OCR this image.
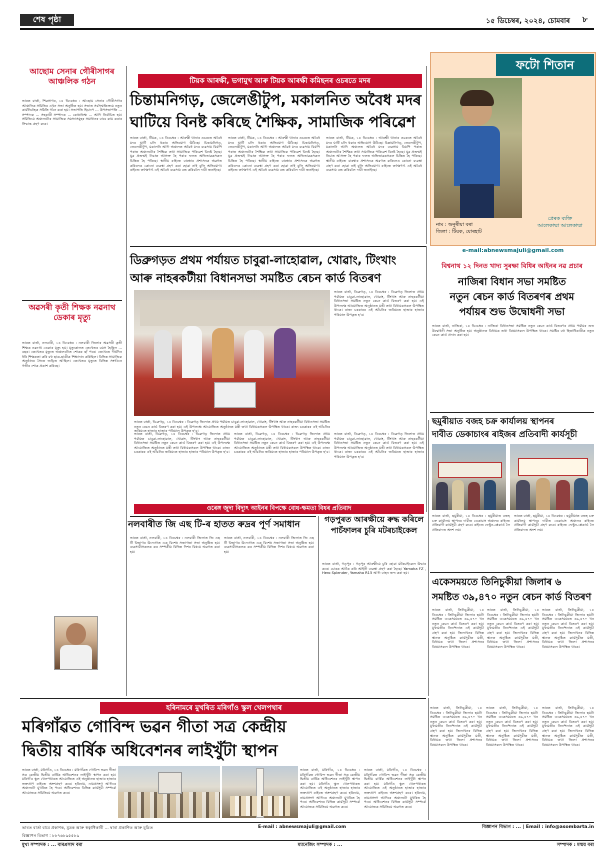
শেষ পৃষ্ঠা	১৫ ডিচেম্বৰ, ২০২৪, চোমবাৰ	৮
আছোম সেনাৰ গৌৰীসাগৰ আঞ্চলিক গঠন
ভাৰত বাৰ্তা, শিৱসাগৰ, ১৪ ডিচেম্বৰ : আছোম সেনাৰ গৌৰীসাগৰ আঞ্চলিক সমিতিৰ এখন সভা অনুষ্ঠিত হয়। সভাত সৰ্বসন্মতিক্ৰমে নতুন কাৰ্যনিৰ্বাহক সমিতি গঠন কৰা হয়। সভাপতি হিচাপে ... উপসভাপতি ... সম্পাদক ... সহকাৰী সম্পাদক ... কোষাধ্যক্ষ ... আদি নিৰ্বাচিত হয়। সমিতিয়ে অঞ্চলটোৰ সামাজিক সমস্যাসমূহৰ সমাধানৰ বাবে কাম কৰাৰ সিদ্ধান্ত গ্ৰহণ কৰে।
অৱসৰী কৃতী শিক্ষক নৱনাথ ডেকাৰ মৃত্যু
ভাৰত বাৰ্তা, নলবাৰী, ১৪ ডিচেম্বৰ : নলবাৰী জিলাৰ অৱসৰী কৃতী শিক্ষক নৱনাথ ডেকাৰ মৃত্যু হয়। মৃত্যুকালত তেখেতৰ বয়স হৈছিল ... বছৰ। তেখেতৰ মৃত্যুত অঞ্চলটোত শোকৰ ছাঁ পৰে। তেখেতে দীৰ্ঘদিন ধৰি শিক্ষকতা কৰি বহু ছাত্ৰ-ছাত্ৰীক শিক্ষাদান কৰিছিল। বিভিন্ন সামাজিক অনুষ্ঠানৰ সৈতে জড়িত আছিল। তেখেতৰ মৃত্যুত বিভিন্ন সংগঠনে গভীৰ শোক প্ৰকাশ কৰিছে।
টিয়ক আৰক্ষী, ভগামুখ আৰু টিয়ক আৰক্ষী কমিছনৰ ওচৰতে মদৰ
চিন্তামনিগড়, জেলেঙীটুপ, মকালনিত অবৈধ মদৰ
ঘাটিয়ে বিনষ্ট কৰিছে শৈক্ষিক, সামাজিক পৰিৱেশ
ভাৰত বাৰ্তা, টিয়ক, ১৪ ডিচেম্বৰ : আৰক্ষী থানাৰ ওচৰতে অবৈধ মদৰ ঘাটি চলি থকাৰ অভিযোগ উঠিছে। চিন্তামনিগড়, জেলেঙীটুপ, মকালনি আদি অঞ্চলত অবৈধ মদৰ ব্যৱসায় বিয়পি পৰাত অঞ্চলটোৰ শৈক্ষিক তথা সামাজিক পৰিৱেশ বিনষ্ট হৈছে। যুৱ প্ৰজন্মই নিচাত আসক্ত হৈ পৰাৰ ফলত অভিভাৱকসকল চিন্তিত হৈ পৰিছে। স্থানীয় ৰাইজে বাৰম্বাৰ প্ৰশাসনক অৱগত কৰিলেও কোনো ব্যৱস্থা গ্ৰহণ কৰা হোৱা নাই বুলি অভিযোগ। ৰাইজে তৎক্ষণাৎ এই অবৈধ ব্যৱসায় বন্ধ কৰিবলৈ দাবী জনাইছে।
ভাৰত বাৰ্তা, টিয়ক, ১৪ ডিচেম্বৰ : আৰক্ষী থানাৰ ওচৰতে অবৈধ মদৰ ঘাটি চলি থকাৰ অভিযোগ উঠিছে। চিন্তামনিগড়, জেলেঙীটুপ, মকালনি আদি অঞ্চলত অবৈধ মদৰ ব্যৱসায় বিয়পি পৰাত অঞ্চলটোৰ শৈক্ষিক তথা সামাজিক পৰিৱেশ বিনষ্ট হৈছে। যুৱ প্ৰজন্মই নিচাত আসক্ত হৈ পৰাৰ ফলত অভিভাৱকসকল চিন্তিত হৈ পৰিছে। স্থানীয় ৰাইজে বাৰম্বাৰ প্ৰশাসনক অৱগত কৰিলেও কোনো ব্যৱস্থা গ্ৰহণ কৰা হোৱা নাই বুলি অভিযোগ। ৰাইজে তৎক্ষণাৎ এই অবৈধ ব্যৱসায় বন্ধ কৰিবলৈ দাবী জনাইছে।
ভাৰত বাৰ্তা, টিয়ক, ১৪ ডিচেম্বৰ : আৰক্ষী থানাৰ ওচৰতে অবৈধ মদৰ ঘাটি চলি থকাৰ অভিযোগ উঠিছে। চিন্তামনিগড়, জেলেঙীটুপ, মকালনি আদি অঞ্চলত অবৈধ মদৰ ব্যৱসায় বিয়পি পৰাত অঞ্চলটোৰ শৈক্ষিক তথা সামাজিক পৰিৱেশ বিনষ্ট হৈছে। যুৱ প্ৰজন্মই নিচাত আসক্ত হৈ পৰাৰ ফলত অভিভাৱকসকল চিন্তিত হৈ পৰিছে। স্থানীয় ৰাইজে বাৰম্বাৰ প্ৰশাসনক অৱগত কৰিলেও কোনো ব্যৱস্থা গ্ৰহণ কৰা হোৱা নাই বুলি অভিযোগ। ৰাইজে তৎক্ষণাৎ এই অবৈধ ব্যৱসায় বন্ধ কৰিবলৈ দাবী জনাইছে।
ফটো শিতান
নাম : অনুৰীয়া বৰা
জিলা : টিয়ক, যোৰহাট
প্ৰেৰক ব্যক্তি
আলেকাম্মা আলেকাম্মা
e-mail:abnewsmajuli@gmail.com
ডিব্ৰুগড়ত প্ৰথম পৰ্যায়ত চাবুৱা-লাহোৱাল, খোৱাং, টিংখাং
আৰু নাহৰকটীয়া বিধানসভা সমষ্টিত ৰেচন কাৰ্ড বিতৰণ
ভাৰত বাৰ্তা, ডিব্ৰুগড়, ১৪ ডিচেম্বৰ : ডিব্ৰুগড় জিলাত প্ৰথম পৰ্যায়ত চাবুৱা-লাহোৱাল, খোৱাং, টিংখাং আৰু নাহৰকটীয়া বিধানসভা সমষ্টিত নতুন ৰেচন কাৰ্ড বিতৰণ কৰা হয়। এই উপলক্ষে আয়োজিত অনুষ্ঠানত মন্ত্ৰী তথা বিধায়কসকল উপস্থিত থাকে। ৰাজ্য চৰকাৰৰ এই আঁচনিৰ জৰিয়তে হাজাৰ হাজাৰ পৰিয়াল উপকৃত হ'ব।
ভাৰত বাৰ্তা, ডিব্ৰুগড়, ১৪ ডিচেম্বৰ : ডিব্ৰুগড় জিলাত প্ৰথম পৰ্যায়ত চাবুৱা-লাহোৱাল, খোৱাং, টিংখাং আৰু নাহৰকটীয়া বিধানসভা সমষ্টিত নতুন ৰেচন কাৰ্ড বিতৰণ কৰা হয়। এই উপলক্ষে আয়োজিত অনুষ্ঠানত মন্ত্ৰী তথা বিধায়কসকল উপস্থিত থাকে। ৰাজ্য চৰকাৰৰ এই আঁচনিৰ জৰিয়তে হাজাৰ হাজাৰ পৰিয়াল উপকৃত হ'ব।
ভাৰত বাৰ্তা, ডিব্ৰুগড়, ১৪ ডিচেম্বৰ : ডিব্ৰুগড় জিলাত প্ৰথম পৰ্যায়ত চাবুৱা-লাহোৱাল, খোৱাং, টিংখাং আৰু নাহৰকটীয়া বিধানসভা সমষ্টিত নতুন ৰেচন কাৰ্ড বিতৰণ কৰা হয়। এই উপলক্ষে আয়োজিত অনুষ্ঠানত মন্ত্ৰী তথা বিধায়কসকল উপস্থিত থাকে। ৰাজ্য চৰকাৰৰ এই আঁচনিৰ জৰিয়তে হাজাৰ হাজাৰ পৰিয়াল উপকৃত হ'ব।
ভাৰত বাৰ্তা, ডিব্ৰুগড়, ১৪ ডিচেম্বৰ : ডিব্ৰুগড় জিলাত প্ৰথম পৰ্যায়ত চাবুৱা-লাহোৱাল, খোৱাং, টিংখাং আৰু নাহৰকটীয়া বিধানসভা সমষ্টিত নতুন ৰেচন কাৰ্ড বিতৰণ কৰা হয়। এই উপলক্ষে আয়োজিত অনুষ্ঠানত মন্ত্ৰী তথা বিধায়কসকল উপস্থিত থাকে। ৰাজ্য চৰকাৰৰ এই আঁচনিৰ জৰিয়তে হাজাৰ হাজাৰ পৰিয়াল উপকৃত হ'ব।
ভাৰত বাৰ্তা, ডিব্ৰুগড়, ১৪ ডিচেম্বৰ : ডিব্ৰুগড় জিলাত প্ৰথম পৰ্যায়ত চাবুৱা-লাহোৱাল, খোৱাং, টিংখাং আৰু নাহৰকটীয়া বিধানসভা সমষ্টিত নতুন ৰেচন কাৰ্ড বিতৰণ কৰা হয়। এই উপলক্ষে আয়োজিত অনুষ্ঠানত মন্ত্ৰী তথা বিধায়কসকল উপস্থিত থাকে। ৰাজ্য চৰকাৰৰ এই আঁচনিৰ জৰিয়তে হাজাৰ হাজাৰ পৰিয়াল উপকৃত হ'ব।
ওৰেঙ্গ জুদা বিদ্যুৎ আইনৰ বিপক্ষে বোধ-ক্ষমতা বিধৰ প্ৰতিবাদ
বিশ্বনাথ ১২ দিনত খাদ্য সুৰক্ষা বিধিৰ আইনৰ নৱ প্ৰচাৰ
নাজিৰা বিধান সভা সমষ্টিত
নতুন ৰেচন কাৰ্ড বিতৰণৰ প্ৰথম
পৰ্যায়ৰ শুভ উদ্বোধনী সভা
ভাৰত বাৰ্তা, নাজিৰা, ১৪ ডিচেম্বৰ : নাজিৰা বিধানসভা সমষ্টিত নতুন ৰেচন কাৰ্ড বিতৰণৰ প্ৰথম পৰ্যায়ৰ শুভ উদ্বোধনী সভা অনুষ্ঠিত হয়। অনুষ্ঠানত বিধায়ক তথা বিষয়াসকল উপস্থিত থাকে। সমষ্টিৰ বহু হিতাধিকাৰীক নতুন ৰেচন কাৰ্ড প্ৰদান কৰা হয়।
নলবাৰীত জি এছ টি-ৰ হাতত ৰুদ্ৰৰ পূৰ্ণ সমাধান
ভাৰত বাৰ্তা, নলবাৰী, ১৪ ডিচেম্বৰ : নলবাৰী জিলাত জি এছ টি বিভাগৰ উদ্যোগত এক বিশেষ সজাগতা সভা অনুষ্ঠিত হয়। ব্যৱসায়ীসকলক কৰ সম্পৰ্কীয় বিভিন্ন দিশৰ বিষয়ে অৱগত কৰা হয়।
ভাৰত বাৰ্তা, নলবাৰী, ১৪ ডিচেম্বৰ : নলবাৰী জিলাত জি এছ টি বিভাগৰ উদ্যোগত এক বিশেষ সজাগতা সভা অনুষ্ঠিত হয়। ব্যৱসায়ীসকলক কৰ সম্পৰ্কীয় বিভিন্ন দিশৰ বিষয়ে অৱগত কৰা হয়।
গড়পুৰত আৰক্ষীয়ে ৰুদ্ধ কৰিলে পাচঁফালৰ চুৰি মটৰচাইকেল
ভাৰত বাৰ্তা, গড়পুৰ : গড়পুৰ আৰক্ষীয়ে চুৰি হোৱা মটৰচাইকেল উদ্ধাৰ কৰে। চোৰক আটক কৰি আইনী ব্যৱস্থা গ্ৰহণ কৰা হৈছে। Yamaha FZ , Hero Splender, Yamaha R15 আদি বাহন জব্দ কৰা হয়।
ছমুৰীয়াত বজহ চক্ৰ কাৰ্যালয় স্থাপনৰ
দাবীত ডেকাচাংৰ ৰাইজৰ প্ৰতিবাদী কাৰ্যসূচী
ভাৰত বাৰ্তা, ছমুৰীয়া, ১৪ ডিচেম্বৰ : ছমুৰীয়াত বজহ চক্ৰ কাৰ্যালয় স্থাপনৰ দাবীত ডেকাচাং অঞ্চলৰ ৰাইজে প্ৰতিবাদী কাৰ্যসূচী গ্ৰহণ কৰে। ৰাইজে ফেষ্টুন-প্লেকাৰ্ড লৈ প্ৰতিবাদত অংশ লয়।
ভাৰত বাৰ্তা, ছমুৰীয়া, ১৪ ডিচেম্বৰ : ছমুৰীয়াত বজহ চক্ৰ কাৰ্যালয় স্থাপনৰ দাবীত ডেকাচাং অঞ্চলৰ ৰাইজে প্ৰতিবাদী কাৰ্যসূচী গ্ৰহণ কৰে। ৰাইজে ফেষ্টুন-প্লেকাৰ্ড লৈ প্ৰতিবাদত অংশ লয়।
একেসময়তে তিনিচুকীয়া জিলাৰ ৬
সমষ্টিত ৩৯,৪৭০ নতুন ৰেচন কাৰ্ড বিতৰণ
ভাৰত বাৰ্তা, তিনিচুকীয়া, ১৪ ডিচেম্বৰ : তিনিচুকীয়া জিলাৰ ছয়টা সমষ্টিত একেসময়তে ৩৯,৪৭০ খন নতুন ৰেচন কাৰ্ড বিতৰণ কৰা হয়। মুখ্যমন্ত্ৰীৰ নিৰ্দেশনাত এই কাৰ্যসূচী গ্ৰহণ কৰা হয়। জিলাখনৰ বিভিন্ন স্থানত অনুষ্ঠিত কাৰ্যসূচীত মন্ত্ৰী, বিধায়ক তথা জিলা প্ৰশাসনৰ বিষয়াসকল উপস্থিত থাকে।
ভাৰত বাৰ্তা, তিনিচুকীয়া, ১৪ ডিচেম্বৰ : তিনিচুকীয়া জিলাৰ ছয়টা সমষ্টিত একেসময়তে ৩৯,৪৭০ খন নতুন ৰেচন কাৰ্ড বিতৰণ কৰা হয়। মুখ্যমন্ত্ৰীৰ নিৰ্দেশনাত এই কাৰ্যসূচী গ্ৰহণ কৰা হয়। জিলাখনৰ বিভিন্ন স্থানত অনুষ্ঠিত কাৰ্যসূচীত মন্ত্ৰী, বিধায়ক তথা জিলা প্ৰশাসনৰ বিষয়াসকল উপস্থিত থাকে।
ভাৰত বাৰ্তা, তিনিচুকীয়া, ১৪ ডিচেম্বৰ : তিনিচুকীয়া জিলাৰ ছয়টা সমষ্টিত একেসময়তে ৩৯,৪৭০ খন নতুন ৰেচন কাৰ্ড বিতৰণ কৰা হয়। মুখ্যমন্ত্ৰীৰ নিৰ্দেশনাত এই কাৰ্যসূচী গ্ৰহণ কৰা হয়। জিলাখনৰ বিভিন্ন স্থানত অনুষ্ঠিত কাৰ্যসূচীত মন্ত্ৰী, বিধায়ক তথা জিলা প্ৰশাসনৰ বিষয়াসকল উপস্থিত থাকে।
ভাৰত বাৰ্তা, তিনিচুকীয়া, ১৪ ডিচেম্বৰ : তিনিচুকীয়া জিলাৰ ছয়টা সমষ্টিত একেসময়তে ৩৯,৪৭০ খন নতুন ৰেচন কাৰ্ড বিতৰণ কৰা হয়। মুখ্যমন্ত্ৰীৰ নিৰ্দেশনাত এই কাৰ্যসূচী গ্ৰহণ কৰা হয়। জিলাখনৰ বিভিন্ন স্থানত অনুষ্ঠিত কাৰ্যসূচীত মন্ত্ৰী, বিধায়ক তথা জিলা প্ৰশাসনৰ বিষয়াসকল উপস্থিত থাকে।
ভাৰত বাৰ্তা, তিনিচুকীয়া, ১৪ ডিচেম্বৰ : তিনিচুকীয়া জিলাৰ ছয়টা সমষ্টিত একেসময়তে ৩৯,৪৭০ খন নতুন ৰেচন কাৰ্ড বিতৰণ কৰা হয়। মুখ্যমন্ত্ৰীৰ নিৰ্দেশনাত এই কাৰ্যসূচী গ্ৰহণ কৰা হয়। জিলাখনৰ বিভিন্ন স্থানত অনুষ্ঠিত কাৰ্যসূচীত মন্ত্ৰী, বিধায়ক তথা জিলা প্ৰশাসনৰ বিষয়াসকল উপস্থিত থাকে।
ভাৰত বাৰ্তা, তিনিচুকীয়া, ১৪ ডিচেম্বৰ : তিনিচুকীয়া জিলাৰ ছয়টা সমষ্টিত একেসময়তে ৩৯,৪৭০ খন নতুন ৰেচন কাৰ্ড বিতৰণ কৰা হয়। মুখ্যমন্ত্ৰীৰ নিৰ্দেশনাত এই কাৰ্যসূচী গ্ৰহণ কৰা হয়। জিলাখনৰ বিভিন্ন স্থানত অনুষ্ঠিত কাৰ্যসূচীত মন্ত্ৰী, বিধায়ক তথা জিলা প্ৰশাসনৰ বিষয়াসকল উপস্থিত থাকে।
হৰিনামৰে মুখৰিত মৰিগাঁও স্কুল খেলপথাৰ
মৰিগাঁৱত গোবিন্দ ভৱন গীতা সত্ৰ কেন্দ্ৰীয়
দ্বিতীয় বাৰ্ষিক অধিবেশনৰ লাইখুঁটা স্থাপন
ভাৰত বাৰ্তা, মৰিগাঁও, ১৪ ডিচেম্বৰ : মৰিগাঁৱত গোবিন্দ ভৱন গীতা সত্ৰ কেন্দ্ৰীয় দ্বিতীয় বাৰ্ষিক অধিবেশনৰ লাইখুঁটা স্থাপন কৰা হয়। মৰিগাঁও স্কুল খেলপথাৰত আয়োজিত এই অনুষ্ঠানত হাজাৰ হাজাৰ ভক্তপ্ৰাণ ৰাইজে অংশগ্ৰহণ কৰে। হৰিনাম, নামপ্ৰসংগ আদিৰে অঞ্চলটো মুখৰিত হৈ পৰে। অধিবেশনৰ বিভিন্ন কাৰ্যসূচী সম্পৰ্কে আয়োজক সমিতিয়ে অৱগত কৰে।
ভাৰত বাৰ্তা, মৰিগাঁও, ১৪ ডিচেম্বৰ : মৰিগাঁৱত গোবিন্দ ভৱন গীতা সত্ৰ কেন্দ্ৰীয় দ্বিতীয় বাৰ্ষিক অধিবেশনৰ লাইখুঁটা স্থাপন কৰা হয়। মৰিগাঁও স্কুল খেলপথাৰত আয়োজিত এই অনুষ্ঠানত হাজাৰ হাজাৰ ভক্তপ্ৰাণ ৰাইজে অংশগ্ৰহণ কৰে। হৰিনাম, নামপ্ৰসংগ আদিৰে অঞ্চলটো মুখৰিত হৈ পৰে। অধিবেশনৰ বিভিন্ন কাৰ্যসূচী সম্পৰ্কে আয়োজক সমিতিয়ে অৱগত কৰে।
ভাৰত বাৰ্তা, মৰিগাঁও, ১৪ ডিচেম্বৰ : মৰিগাঁৱত গোবিন্দ ভৱন গীতা সত্ৰ কেন্দ্ৰীয় দ্বিতীয় বাৰ্ষিক অধিবেশনৰ লাইখুঁটা স্থাপন কৰা হয়। মৰিগাঁও স্কুল খেলপথাৰত আয়োজিত এই অনুষ্ঠানত হাজাৰ হাজাৰ ভক্তপ্ৰাণ ৰাইজে অংশগ্ৰহণ কৰে। হৰিনাম, নামপ্ৰসংগ আদিৰে অঞ্চলটো মুখৰিত হৈ পৰে। অধিবেশনৰ বিভিন্ন কাৰ্যসূচী সম্পৰ্কে আয়োজক সমিতিয়ে অৱগত কৰে।
ভাৰত বাৰ্তা বাবে প্ৰকাশক, মুদ্ৰক আৰু স্বত্বাধিকাৰী ... দ্বাৰা প্ৰকাশিত আৰু মুদ্ৰিত	E-mail : abnewsmajuli@gmail.com	বিজ্ঞাপন বিভাগ : ... | Email : info@asombarta.in
বিজ্ঞাপন বিভাগ : ৮৮৭৬৮৯৫৫৮৯
মুখ্য সম্পাদক : ... বাৰপ্ৰসাদ বৰা	ম্যানেজিং সম্পাদক : ...	সম্পাদক : মন্ময় বৰা
